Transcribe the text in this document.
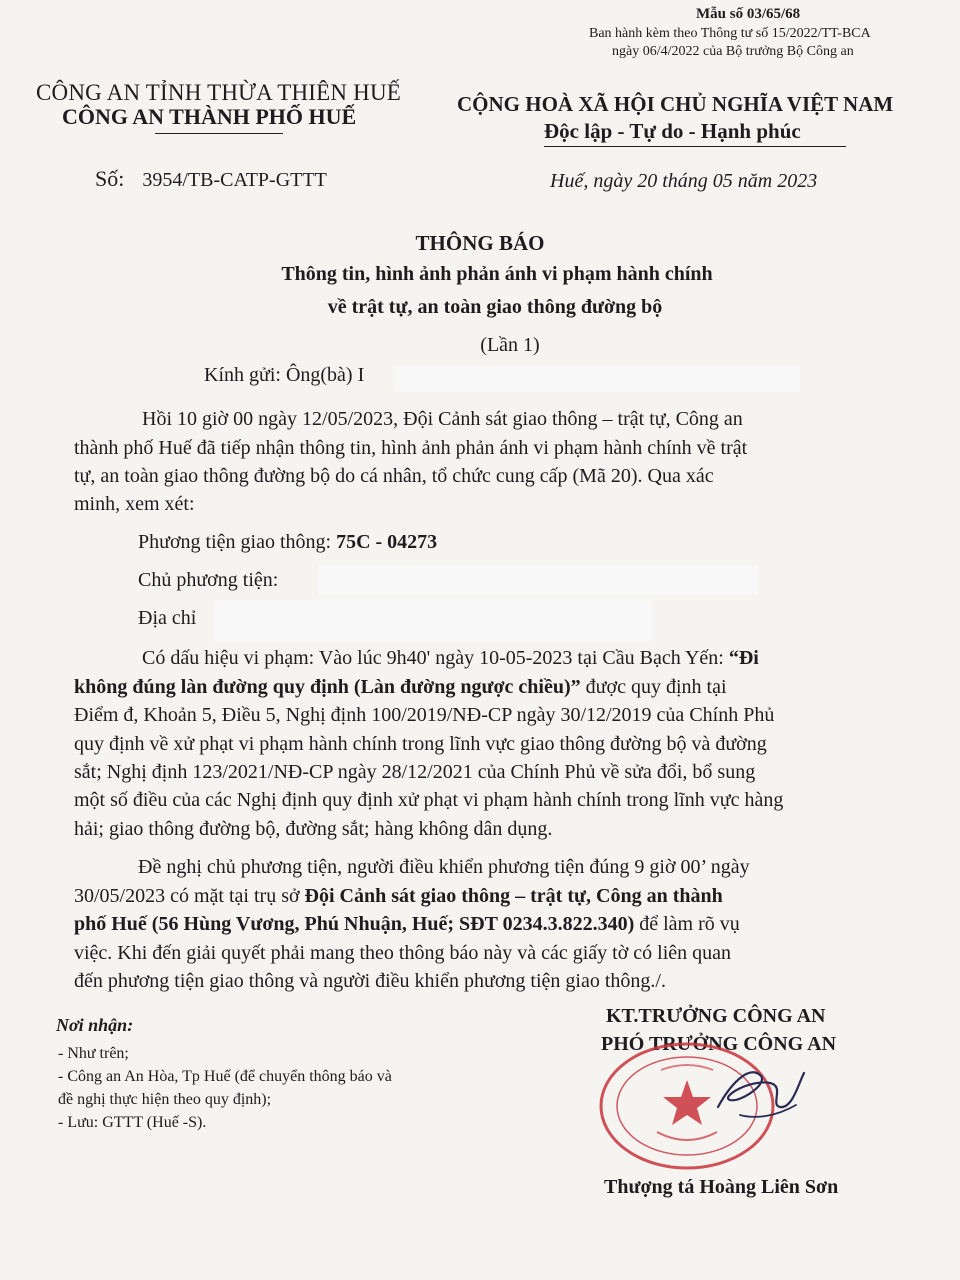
Mẫu số 03/65/68
Ban hành kèm theo Thông tư số 15/2022/TT-BCA
ngày 06/4/2022 của Bộ trưởng Bộ Công an
CÔNG AN TỈNH THỪA THIÊN HUẾ
CÔNG AN THÀNH PHỐ HUẾ	CỘNG HOÀ XÃ HỘI CHỦ NGHĨA VIỆT NAM
Độc lập - Tự do - Hạnh phúc
Số: 3954/TB-CATP-GTTT	Huế, ngày 20 tháng 05 năm 2023
THÔNG BÁO
Thông tin, hình ảnh phản ánh vi phạm hành chính
về trật tự, an toàn giao thông đường bộ
(Lần 1)
Kính gửi: Ông(bà) I
Hồi 10 giờ 00 ngày 12/05/2023, Đội Cảnh sát giao thông – trật tự, Công an
thành phố Huế đã tiếp nhận thông tin, hình ảnh phản ánh vi phạm hành chính về trật
tự, an toàn giao thông đường bộ do cá nhân, tổ chức cung cấp (Mã 20). Qua xác
minh, xem xét:
Phương tiện giao thông: 75C - 04273
Chủ phương tiện:
Địa chỉ
Có dấu hiệu vi phạm: Vào lúc 9h40' ngày 10-05-2023 tại Cầu Bạch Yến: “Đi
không đúng làn đường quy định (Làn đường ngược chiều)” được quy định tại
Điểm đ, Khoản 5, Điều 5, Nghị định 100/2019/NĐ-CP ngày 30/12/2019 của Chính Phủ
quy định về xử phạt vi phạm hành chính trong lĩnh vực giao thông đường bộ và đường
sắt; Nghị định 123/2021/NĐ-CP ngày 28/12/2021 của Chính Phủ về sửa đổi, bổ sung
một số điều của các Nghị định quy định xử phạt vi phạm hành chính trong lĩnh vực hàng
hải; giao thông đường bộ, đường sắt; hàng không dân dụng.
Đề nghị chủ phương tiện, người điều khiển phương tiện đúng 9 giờ 00’ ngày
30/05/2023 có mặt tại trụ sở Đội Cảnh sát giao thông – trật tự, Công an thành
phố Huế (56 Hùng Vương, Phú Nhuận, Huế; SĐT 0234.3.822.340) để làm rõ vụ
việc. Khi đến giải quyết phải mang theo thông báo này và các giấy tờ có liên quan
đến phương tiện giao thông và người điều khiển phương tiện giao thông./.
Nơi nhận:
- Như trên;
- Công an An Hòa, Tp Huế (để chuyển thông báo và
đề nghị thực hiện theo quy định);
- Lưu: GTTT (Huế -S).
KT.TRƯỞNG CÔNG AN
PHÓ TRƯỞNG CÔNG AN
Thượng tá Hoàng Liên Sơn
